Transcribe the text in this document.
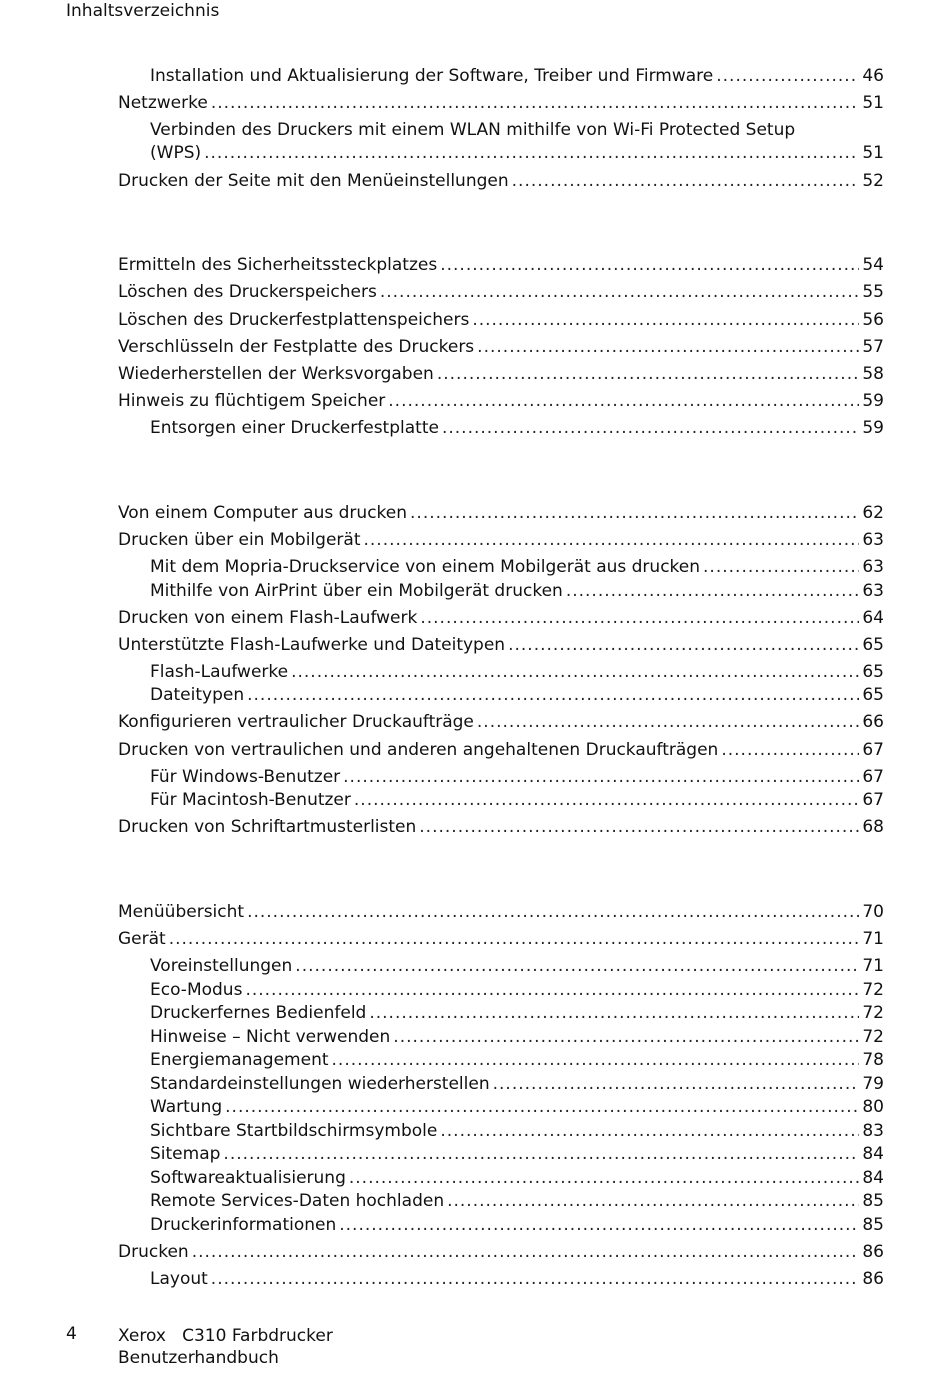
Inhaltsverzeichnis
Installation und Aktualisierung der Software, Treiber und Firmware .....	46
Netzwerke .....	51
Verbinden des Druckers mit einem WLAN mithilfe von Wi-Fi Protected Setup
(WPS) .....	51
Drucken der Seite mit den Menüeinstellungen .....	52
Ermitteln des Sicherheitssteckplatzes .....	54
Löschen des Druckerspeichers .....	55
Löschen des Druckerfestplattenspeichers .....	56
Verschlüsseln der Festplatte des Druckers .....	57
Wiederherstellen der Werksvorgaben .....	58
Hinweis zu flüchtigem Speicher .....	59
Entsorgen einer Druckerfestplatte .....	59
Von einem Computer aus drucken .....	62
Drucken über ein Mobilgerät .....	63
Mit dem Mopria-Druckservice von einem Mobilgerät aus drucken .....	63
Mithilfe von AirPrint über ein Mobilgerät drucken .....	63
Drucken von einem Flash-Laufwerk .....	64
Unterstützte Flash-Laufwerke und Dateitypen .....	65
Flash-Laufwerke .....	65
Dateitypen .....	65
Konfigurieren vertraulicher Druckaufträge .....	66
Drucken von vertraulichen und anderen angehaltenen Druckaufträgen .....	67
Für Windows-Benutzer .....	67
Für Macintosh-Benutzer .....	67
Drucken von Schriftartmusterlisten .....	68
Menüübersicht .....	70
Gerät .....	71
Voreinstellungen .....	71
Eco-Modus .....	72
Druckerfernes Bedienfeld .....	72
Hinweise – Nicht verwenden .....	72
Energiemanagement .....	78
Standardeinstellungen wiederherstellen .....	79
Wartung .....	80
Sichtbare Startbildschirmsymbole .....	83
Sitemap .....	84
Softwareaktualisierung .....	84
Remote Services-Daten hochladen .....	85
Druckerinformationen .....	85
Drucken .....	86
Layout .....	86
4 Xerox   C310 Farbdrucker
Benutzerhandbuch
